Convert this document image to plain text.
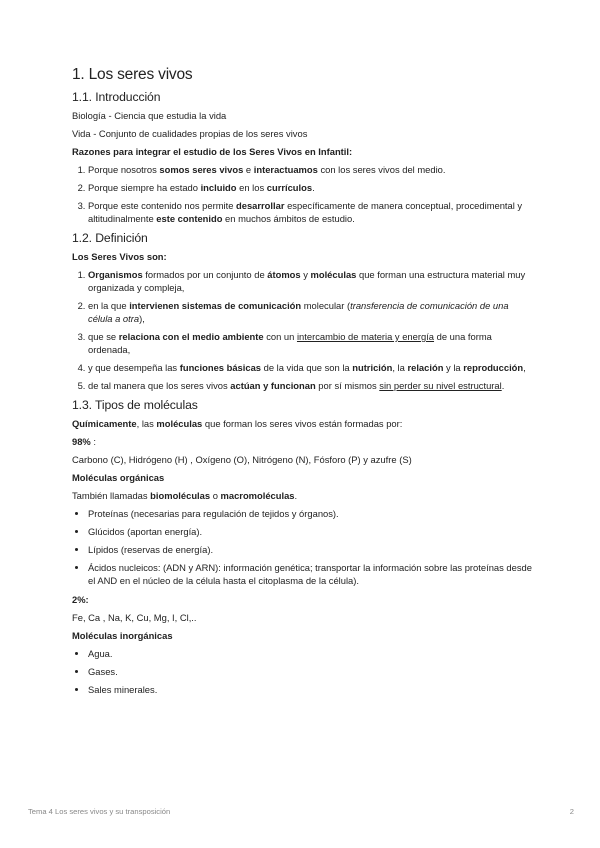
1. Los seres vivos
1.1. Introducción

Biología - Ciencia que estudia la vida

Vida - Conjunto de cualidades propias de los seres vivos

Razones para integrar el estudio de los Seres Vivos en Infantil:

1. Porque nosotros somos seres vivos e interactuamos con los seres vivos del medio.
2. Porque siempre ha estado incluido en los currículos.
3. Porque este contenido nos permite desarrollar específicamente de manera conceptual, procedimental y altitudinalmente este contenido en muchos ámbitos de estudio.
1.2. Definición

Los Seres Vivos son:

1. Organismos formados por un conjunto de átomos y moléculas que forman una estructura material muy organizada y compleja,
2. en la que intervienen sistemas de comunicación molecular (transferencia de comunicación de una célula a otra),
3. que se relaciona con el medio ambiente con un intercambio de materia y energía de una forma ordenada,
4. y que desempeña las funciones básicas de la vida que son la nutrición, la relación y la reproducción,
5. de tal manera que los seres vivos actúan y funcionan por sí mismos sin perder su nivel estructural.
1.3. Tipos de moléculas

Químicamente, las moléculas que forman los seres vivos están formadas por:

98% :

Carbono (C), Hidrógeno (H) , Oxígeno (O), Nitrógeno (N), Fósforo (P) y azufre (S)

Moléculas orgánicas

También llamadas biomoléculas o macromoléculas.

• Proteínas (necesarias para regulación de tejidos y órganos).
• Glúcidos (aportan energía).
• Lípidos (reservas de energía).
• Ácidos nucleicos: (ADN y ARN): información genética; transportar la información sobre las proteínas desde el AND en el núcleo de la célula hasta el citoplasma de la célula).

2%:

Fe, Ca , Na, K, Cu, Mg, I, Cl,..

Moléculas inorgánicas

• Agua.
• Gases.
• Sales minerales.
Tema 4 Los seres vivos y su transposición	2
